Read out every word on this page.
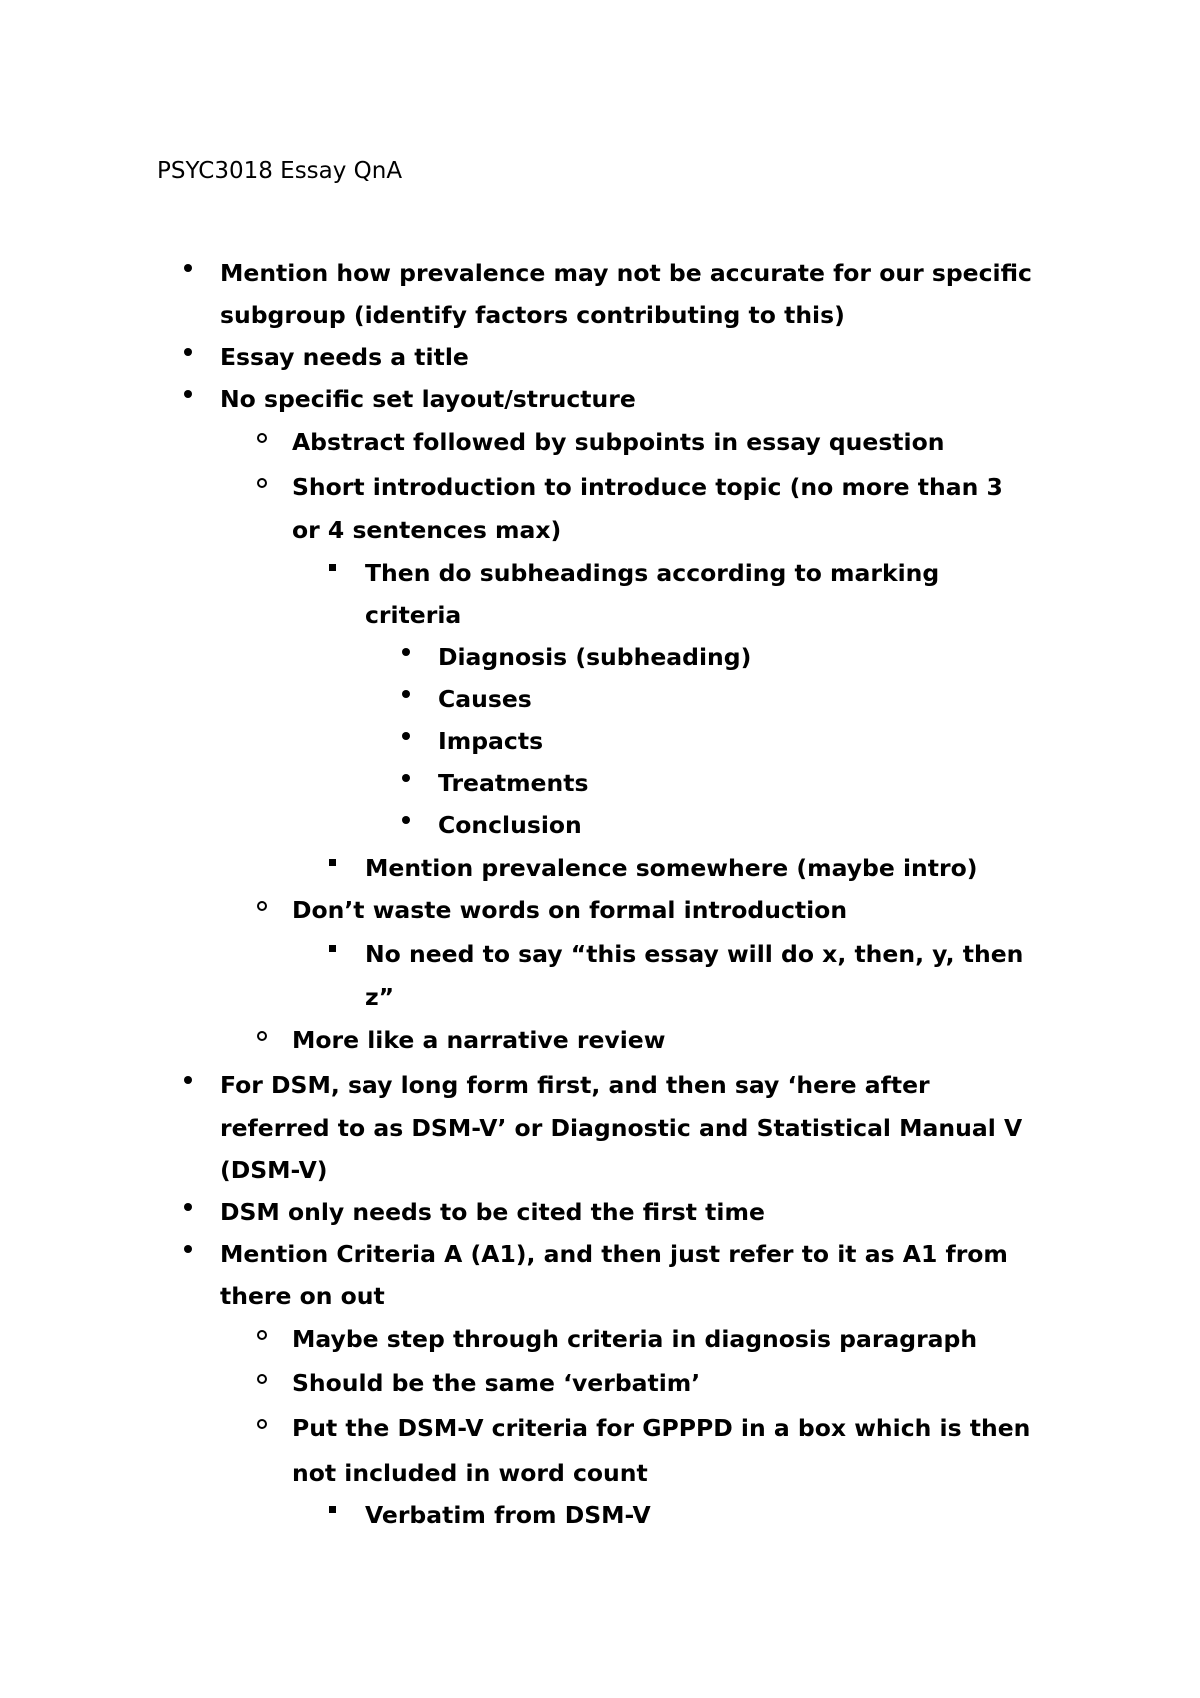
PSYC3018 Essay QnA

Mention how prevalence may not be accurate for our specific

subgroup (identify factors contributing to this)

Essay needs a title

No specific set layout/structure

Abstract followed by subpoints in essay question

Short introduction to introduce topic (no more than 3

or 4 sentences max)

Then do subheadings according to marking

criteria

Diagnosis (subheading)

Causes

Impacts

Treatments

Conclusion

Mention prevalence somewhere (maybe intro)

Don’t waste words on formal introduction

No need to say “this essay will do x, then, y, then

z”

More like a narrative review

For DSM, say long form first, and then say ‘here after

referred to as DSM-V’ or Diagnostic and Statistical Manual V

(DSM-V)

DSM only needs to be cited the first time

Mention Criteria A (A1), and then just refer to it as A1 from

there on out

Maybe step through criteria in diagnosis paragraph

Should be the same ‘verbatim’

Put the DSM-V criteria for GPPPD in a box which is then

not included in word count

Verbatim from DSM-V
